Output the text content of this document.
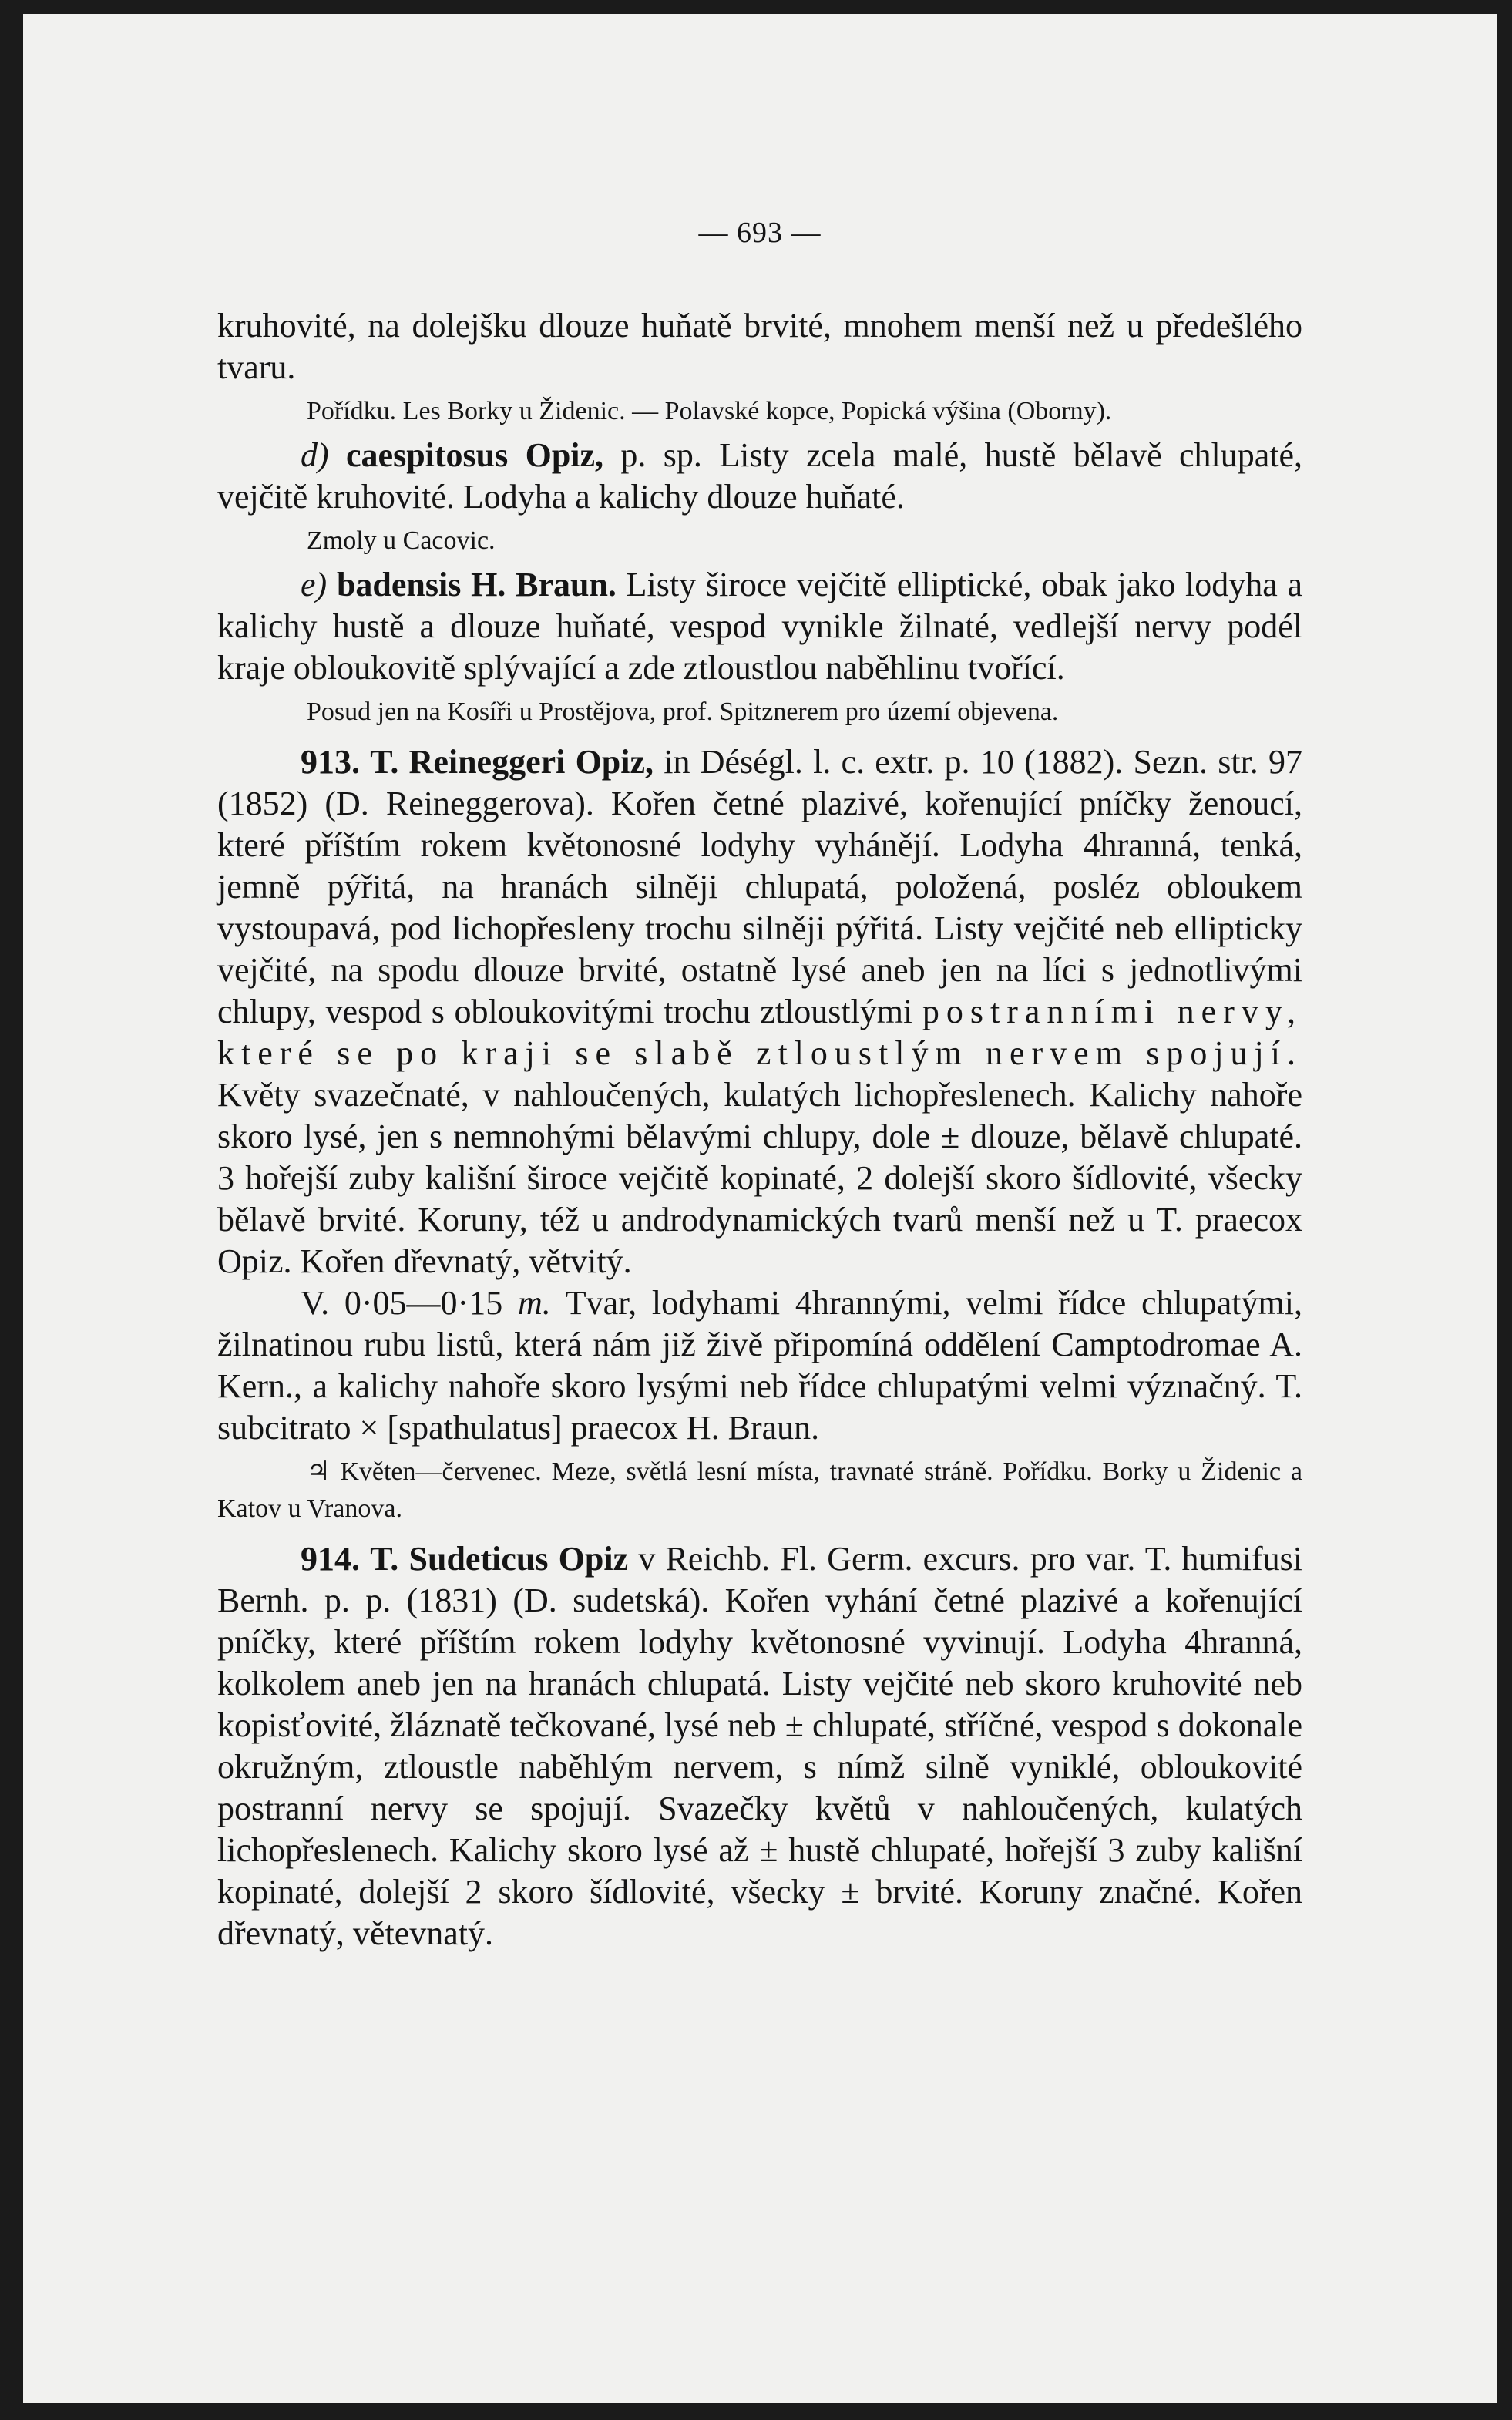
— 693 —

kruhovité, na dolejšku dlouze huňatě brvité, mnohem menší než u předešlého tvaru.

Pořídku. Les Borky u Židenic. — Polavské kopce, Popická výšina (Oborny).

d) caespitosus Opiz, p. sp. Listy zcela malé, hustě bělavě chlupaté, vejčitě kruhovité. Lodyha a kalichy dlouze huňaté.

Zmoly u Cacovic.

e) badensis H. Braun. Listy široce vejčitě elliptické, obak jako lodyha a kalichy hustě a dlouze huňaté, vespod vynikle žilnaté, vedlejší nervy podél kraje obloukovitě splývající a zde ztloustlou naběhlinu tvořící.

Posud jen na Kosíři u Prostějova, prof. Spitznerem pro území objevena.

913. T. Reineggeri Opiz, in Déségl. l. c. extr. p. 10 (1882). Sezn. str. 97 (1852) (D. Reineggerova). Kořen četné plazivé, kořenující pníčky ženoucí, které příštím rokem květonosné lodyhy vyhánějí. Lodyha 4hranná, tenká, jemně pýřitá, na hranách silněji chlupatá, položená, posléz obloukem vystoupavá, pod lichopřesleny trochu silněji pýřitá. Listy vejčité neb ellipticky vejčité, na spodu dlouze brvité, ostatně lysé aneb jen na líci s jednotlivými chlupy, vespod s obloukovitými trochu ztloustlými postranními nervy, které se po kraji se slabě ztloustlým nervem spojují. Květy svazečnaté, v nahloučených, kulatých lichopřeslenech. Kalichy nahoře skoro lysé, jen s nemnohými bělavými chlupy, dole ± dlouze, bělavě chlupaté. 3 hořejší zuby kališní široce vejčitě kopinaté, 2 dolejší skoro šídlovité, všecky bělavě brvité. Koruny, též u androdynamických tvarů menší než u T. praecox Opiz. Kořen dřevnatý, větvitý.

V. 0·05—0·15 m. Tvar, lodyhami 4hrannými, velmi řídce chlupatými, žilnatinou rubu listů, která nám již živě připomíná oddělení Camptodromae A. Kern., a kalichy nahoře skoro lysými neb řídce chlupatými velmi význačný. T. subcitrato × [spathulatus] praecox H. Braun.

♃ Květen—červenec. Meze, světlá lesní místa, travnaté stráně. Pořídku. Borky u Židenic a Katov u Vranova.

914. T. Sudeticus Opiz v Reichb. Fl. Germ. excurs. pro var. T. humifusi Bernh. p. p. (1831) (D. sudetská). Kořen vyhání četné plazivé a kořenující pníčky, které příštím rokem lodyhy květonosné vyvinují. Lodyha 4hranná, kolkolem aneb jen na hranách chlupatá. Listy vejčité neb skoro kruhovité neb kopisťovité, žláznatě tečkované, lysé neb ± chlupaté, stříčné, vespod s dokonale okružným, ztloustle naběhlým nervem, s nímž silně vyniklé, obloukovité postranní nervy se spojují. Svazečky květů v nahloučených, kulatých lichopřeslenech. Kalichy skoro lysé až ± hustě chlupaté, hořejší 3 zuby kališní kopinaté, dolejší 2 skoro šídlovité, všecky ± brvité. Koruny značné. Kořen dřevnatý, větevnatý.
